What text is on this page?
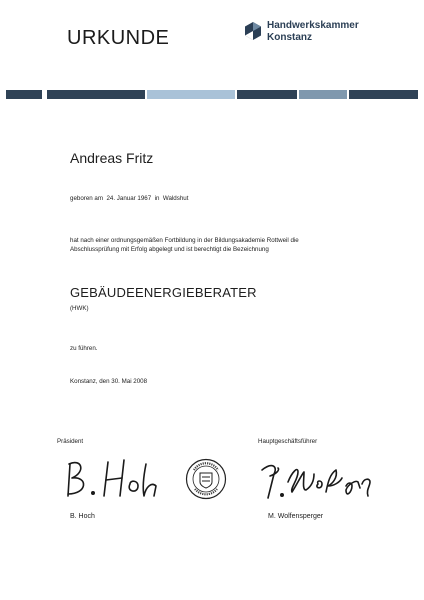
URKUNDE
Handwerkskammer
Konstanz
Andreas Fritz
geboren am  24. Januar 1967  in  Waldshut
hat nach einer ordnungsgemäßen Fortbildung in der Bildungsakademie Rottweil die
Abschlussprüfung mit Erfolg abgelegt und ist berechtigt die Bezeichnung
GEBÄUDEENERGIEBERATER
(HWK)
zu führen.
Konstanz, den 30. Mai 2008
Präsident	Hauptgeschäftsführer
B. Hoch	M. Wolfensperger
